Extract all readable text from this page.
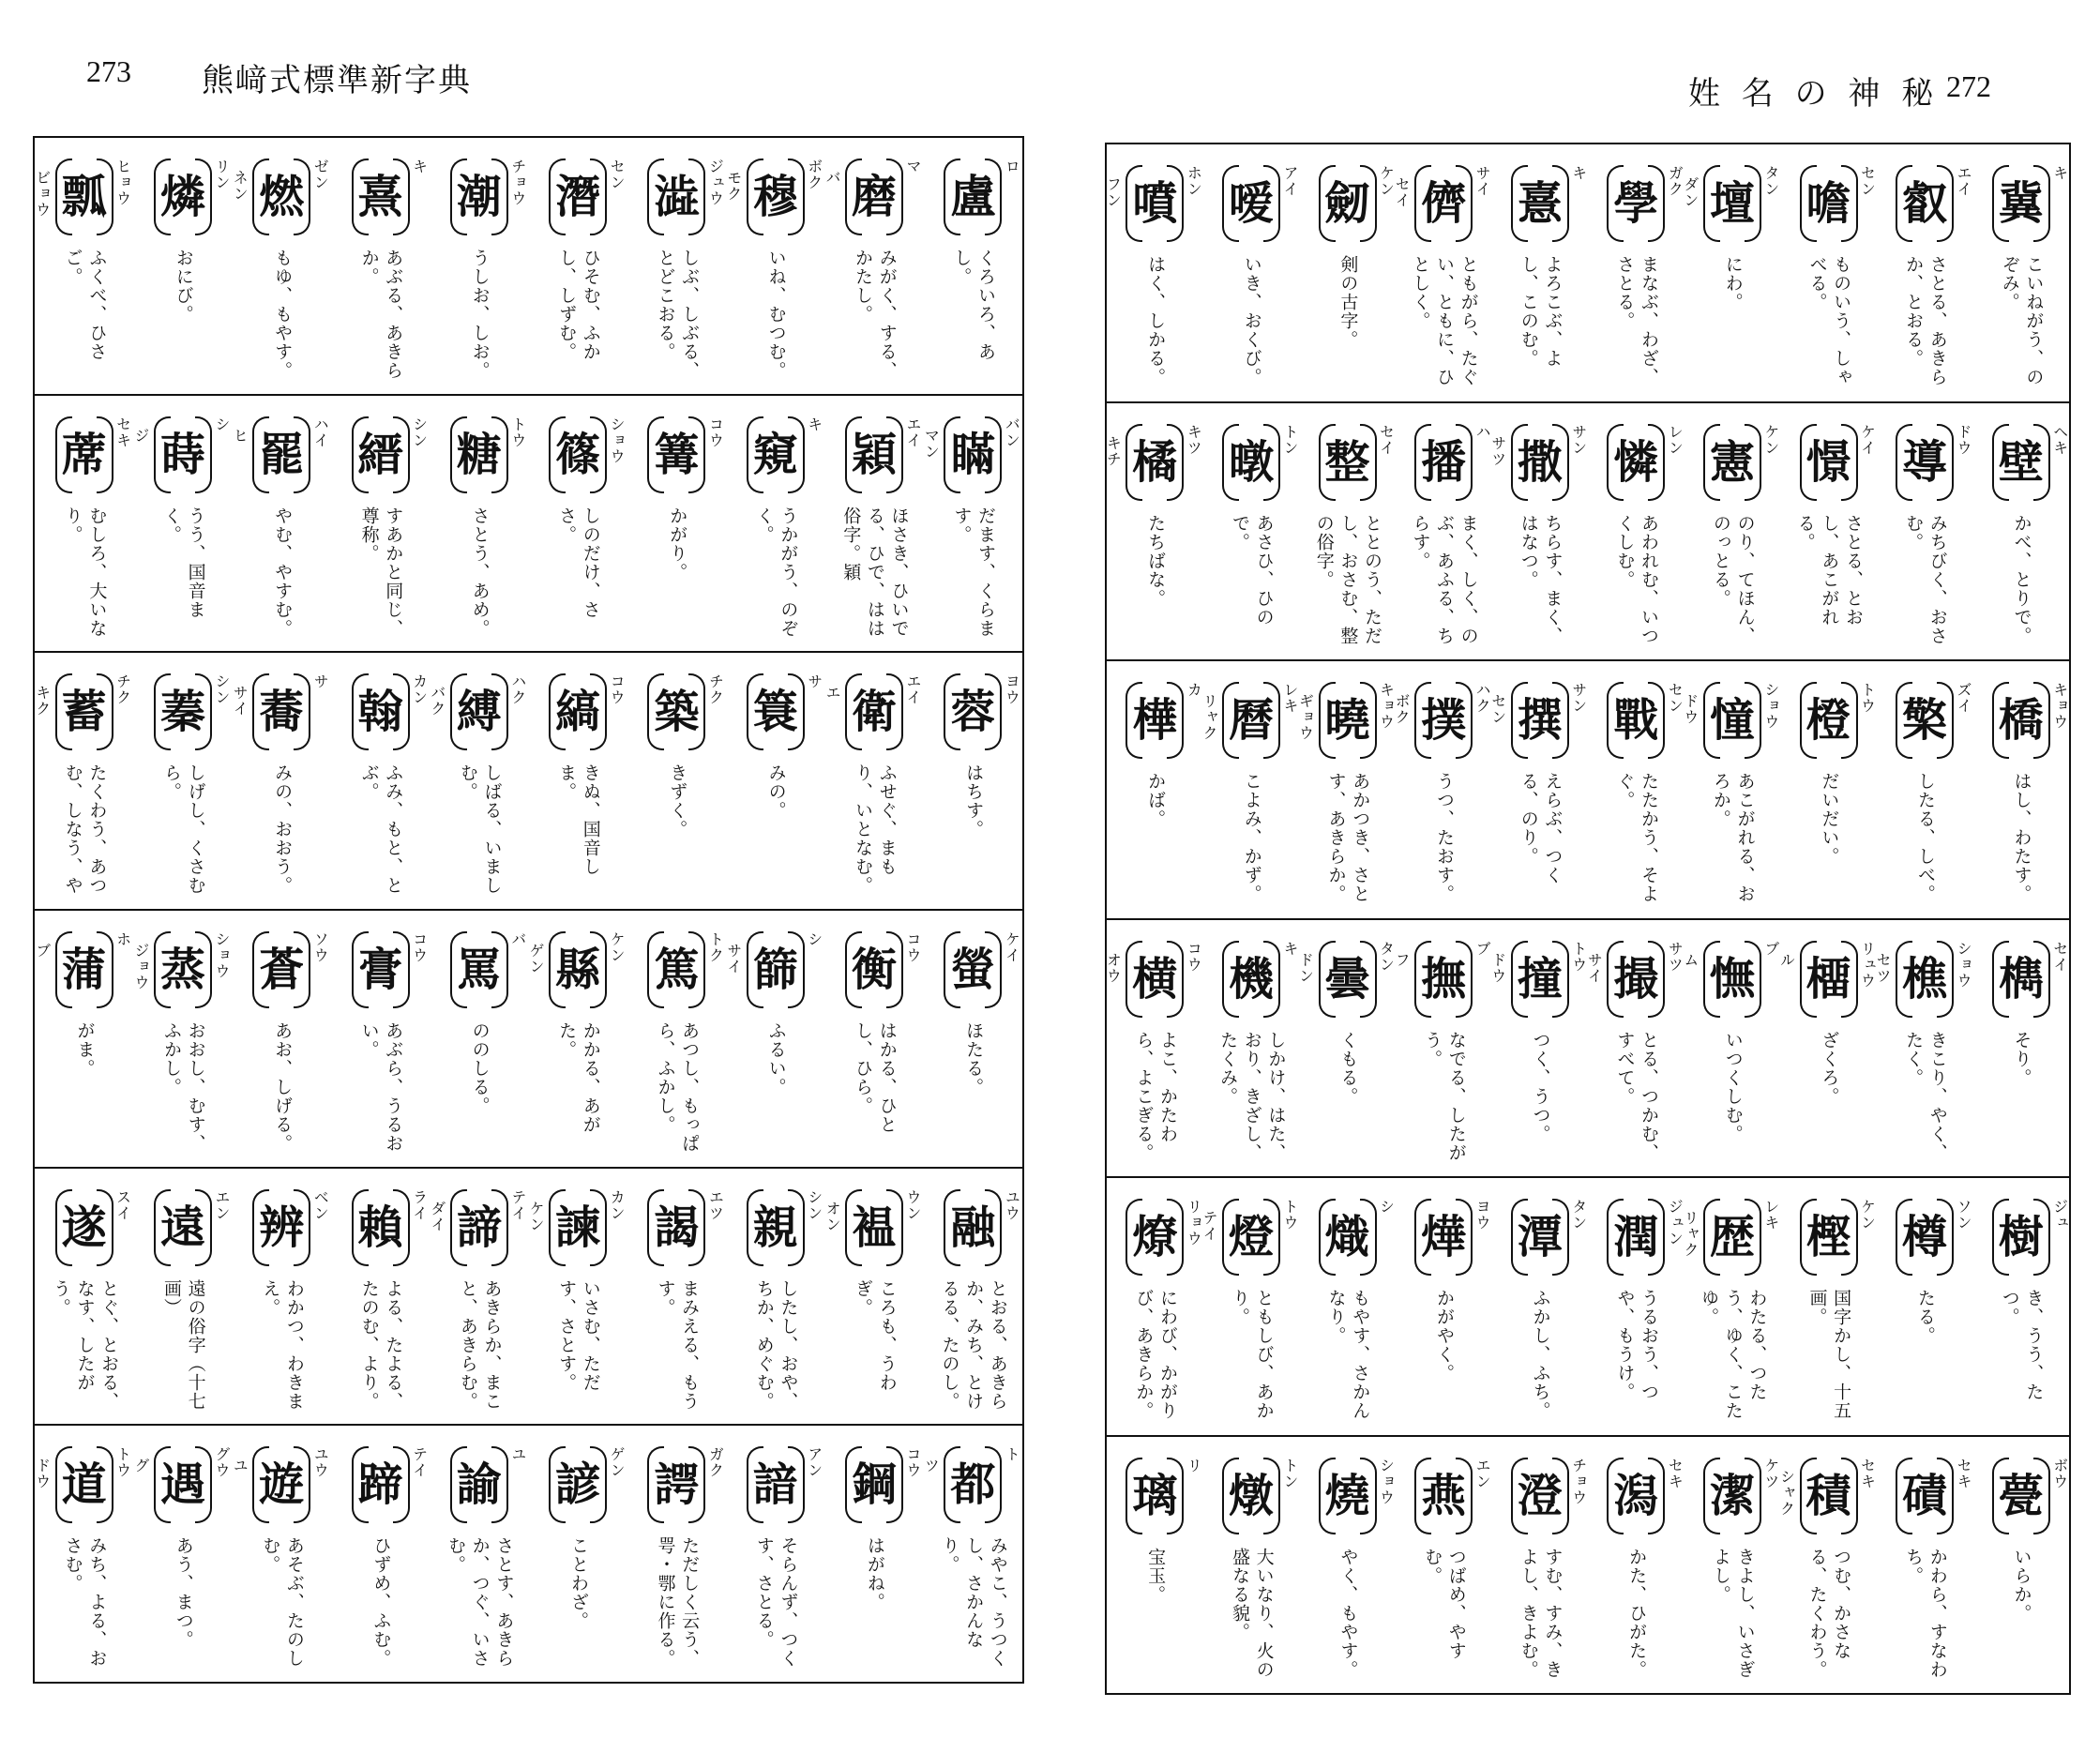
273 熊﨑式標準新字典	姓 名 の 神 秘 272
盧
ロ
くろいろ、あし。
磨
マ
バ
みがく、する、かたし。
穆 ボク
モク
いね、むつむ。
澁 ジュウ
しぶ、しぶる、とどこおる。
潛 セン
ひそむ、ふかし、しずむ。
潮 チョウ
うしお、しお。
熹
キ
あぶる、あきらか。
燃 ゼン
ネン
もゆ、もやす。
燐 リン
おにび。
瓢 ヒョウ
ビョウ
ふくべ、ひさご。
瞞 バン
マン
だます、くらます。
穎 エイ
ほさき、ひいでる、ひで、はは俗字。穎
窺
キ
うかがう、のぞく。
篝 コウ
かがり。
篠 ショウ
しのだけ、ささ。
糖 トウ
さとう、あめ。
縉 シン
すあかと同じ、尊称。
罷 ハイ
ヒ
やむ、やすむ。
蒔
シ
ジ
うう、国音まく。
蓆 セキ
むしろ、大いなり。
蓉 ヨウ
はちす。
衛 エイ
エ
ふせぐ、まもり、いとなむ。
簑
サ
みの。
築 チク
きずく。
縞 コウ
きぬ、国音しま。
縛 ハク
バク
しばる、いましむ。
翰 カン
ふみ、もと、とぶ。
蕎
サ
サイ
みの、おおう。
蓁 シン
しげし、くさむら。
蓄 チク
キク
たくわう、あつむ、しなう、や
螢 ケイ
ほたる。
衡 コウ
はかる、ひとし、ひら。
篩
シ
サイ
ふるい。
篤 トク
あつし、もっぱら、ふかし。
縣 ケン
ゲン
かかる、あがた。
罵
バ
ののしる。
膏 コウ
あぶら、うるおい。
蒼 ソウ
あお、しげる。
蒸 ショウ
ジョウ
おおし、むす、ふかし。
蒲
ホ
ブ
がま。
融 ユウ
とおる、あきらか、みち、とけるる、たのし。
褞 ウン
オン
ころも、うわぎ。
親 シン
したし、おや、ちか、めぐむ。
謁 エツ
まみえる、もうす。
諫 カン
ケン
いさむ、ただす、さとす。
諦 テイ
ダイ
あきらか、まこと、あきらむ。
賴 ライ
よる、たよる、たのむ、より。
辨 ベン
わかつ、わきまえ。
遠 エン
遠の俗字（十七画）
遂 スイ
とぐ、とおる、なす、したがう。
都
ト
ツ
みやこ、うつくし、さかんなり。
鋼 コウ
はがね。
諳 アン
そらんず、つくす、さとる。
諤 ガク
ただしく云う、咢・鄂に作る。
諺 ゲン
ことわざ。
諭
ユ
さとす、あきらか、つぐ、いさむ。
蹄 テイ
ひずめ、ふむ。
遊 ユウ
ユ
あそぶ、たのしむ。
遇 グウ
グ
あう、まつ。
道 トウ
ドウ
みち、よる、おさむ。
冀
キ
こいねがう、のぞみ。
叡 エイ
さとる、あきらか、とおる。
噡 セン
ものいう、しゃべる。
壇 タン
ダン
にわ。
學 ガク
まなぶ、わざ、さとる。
憙
キ
よろこぶ、よし、このむ。
儕 サイ
セイ
ともがら、たぐい、ともに、ひとしく。
劒 ケン
剣の古字。
嗳 アイ
いき、おくび。
噴 ホン
フン
はく、しかる。
壁 ヘキ
かべ、とりで。
導 ドウ
みちびく、おさむ。
憬 ケイ
さとる、とおし、あこがれる。
憲 ケン
のり、てほん、のっとる。
憐 レン
あわれむ、いつくしむ。
撒 サン
サツ
ちらす、まく、はなつ。
播
ハ
まく、しく、のぶ、あふる、ちらす。
整 セイ
ととのう、ただし、おさむ、整の俗字。
暾 トン
あさひ、ひので。
橘 キツ
キチ
たちばな。
橋 キョウ
はし、わたす。
檠 ズイ
したる、しべ。
橙 トウ
だいだい。
憧 ショウ
ドウ
あこがれる、おろか。
戰 セン
たたかう、そよぐ。
撰 サン
セン
えらぶ、つくる、のり。
撲 ハク
ボク
うつ、たおす。
曉 キョウ
ギョウ
あかつき、さとす、あきらか。
曆 レキ
リャク
こよみ、かず。
樺
カ
かば。
檇 セイ
そり。
樵 ショウ
セツ
きこり、やく、たく。
橊 リュウ
ル
ざくろ。
憮
ブ
ム
いつくしむ。
撮 サツ
サイ
とる、つかむ、すべて。
撞 トウ
ドウ
つく、うつ。
撫
ブ
フ
なでる、したがう。
曇 タン
ドン
くもる。
機
キ
しかけ、はた、おり、きざし、たくみ。
横 コウ
オウ
よこ、かたわら、よこぎる。
樹 ジュ
き、うう、たつ。
樽 ソン
たる。
樫 ケン
国字かし、十五画。
歴 レキ
リャク
わたる、つたう、ゆく、こたゆ。
潤 ジュン
うるおう、つや、もうけ。
潭 タン
ふかし、ふち。
燁 ヨウ
かがやく。
熾
シ
もやす、さかんなり。
燈 トウ
テイ
ともしび、あかり。
燎 リョウ
にわび、かがりび、あきらか。
甍 ボウ
いらか。
磧 セキ
かわら、すなわち。
積 セキ
シャク
つむ、かさなる、たくわう。
潔 ケツ
きよし、いさぎよし。
潟 セキ
かた、ひがた。
澄 チョウ
すむ、すみ、きよし、きよむ。
燕 エン
つばめ、やすむ。
燒 ショウ
やく、もやす。
燉 トン
大いなり、火の盛なる貌。
璃
リ
宝玉。
